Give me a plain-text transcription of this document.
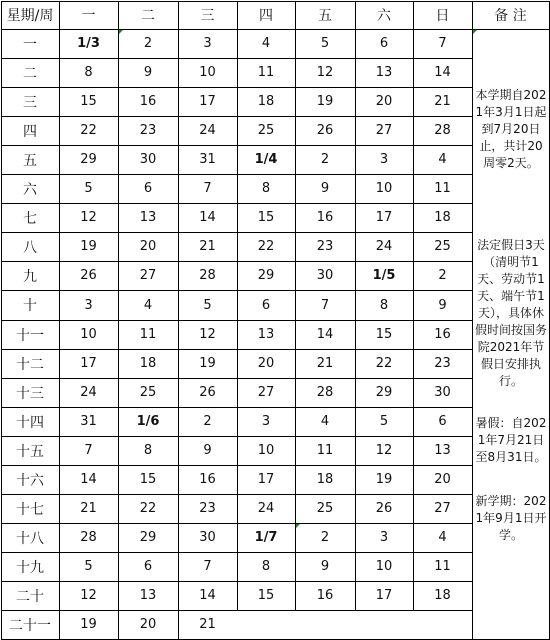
星期/周	一	二	三	四	五	六	日	备 注
一	1/3	2	3	4	5	6	7
二	8	9	10	11	12	13	14
三	15	16	17	18	19	20	21
四	22	23	24	25	26	27	28
五	29	30	31	1/4	2	3	4
六	5	6	7	8	9	10	11
七	12	13	14	15	16	17	18
八	19	20	21	22	23	24	25
九	26	27	28	29	30	1/5	2
十	3	4	5	6	7	8	9
十一	10	11	12	13	14	15	16
十二	17	18	19	20	21	22	23
十三	24	25	26	27	28	29	30
十四	31	1/6	2	3	4	5	6
十五	7	8	9	10	11	12	13
十六	14	15	16	17	18	19	20
十七	21	22	23	24	25	26	27
十八	28	29	30	1/7	2	3	4
十九	5	6	7	8	9	10	11
二十	12	13	14	15	16	17	18
二十一	19	20	21
本学期自2021年3月1日起到7月20日止，共计20周零2天。
法定假日3天（清明节1天、劳动节1天、端午节1天），具体休假时间按国务院2021年节假日安排执行。
暑假：自2021年7月21日至8月31日。
新学期：2021年9月1日开学。
